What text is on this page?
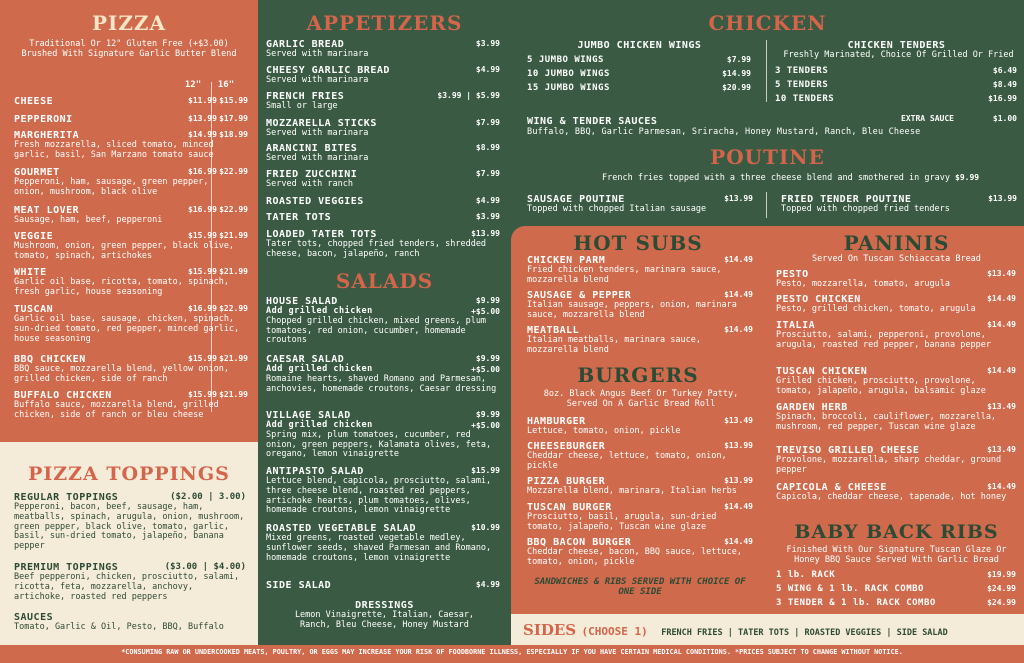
PIZZA
Traditional Or 12" Gluten Free (+$3.00)
Brushed With Signature Garlic Butter Blend
12" 16"
CHEESE	$11.99 $15.99
PEPPERONI	$13.99 $17.99
MARGHERITA	$14.99 $18.99
Fresh mozzarella, sliced tomato, minced garlic, basil, San Marzano tomato sauce
GOURMET	$16.99 $22.99
Pepperoni, ham, sausage, green pepper, onion, mushroom, black olive
MEAT LOVER	$16.99 $22.99
Sausage, ham, beef, pepperoni
VEGGIE	$15.99 $21.99
Mushroom, onion, green pepper, black olive, tomato, spinach, artichokes
WHITE	$15.99 $21.99
Garlic oil base, ricotta, tomato, spinach, fresh garlic, house seasoning
TUSCAN	$16.99 $22.99
Garlic oil base, sausage, chicken, spinach, sun-dried tomato, red pepper, minced garlic, house seasoning
BBQ CHICKEN	$15.99 $21.99
BBQ sauce, mozzarella blend, yellow onion, grilled chicken, side of ranch
BUFFALO CHICKEN	$15.99 $21.99
Buffalo sauce, mozzarella blend, grilled chicken, side of ranch or bleu cheese
PIZZA TOPPINGS
REGULAR TOPPINGS	($2.00 | 3.00)
Pepperoni, bacon, beef, sausage, ham, meatballs, spinach, arugula, onion, mushroom, green pepper, black olive, tomato, garlic, basil, sun-dried tomato, jalapeño, banana pepper
PREMIUM TOPPINGS	($3.00 | $4.00)
Beef pepperoni, chicken, prosciutto, salami, ricotta, feta, mozzarella, anchovy, artichoke, roasted red peppers
SAUCES
Tomato, Garlic & Oil, Pesto, BBQ, Buffalo
APPETIZERS
GARLIC BREAD	$3.99
Served with marinara
CHEESY GARLIC BREAD	$4.99
Served with marinara
FRENCH FRIES	$3.99 | $5.99
Small or large
MOZZARELLA STICKS	$7.99
Served with marinara
ARANCINI BITES	$8.99
Served with marinara
FRIED ZUCCHINI	$7.99
Served with ranch
ROASTED VEGGIES	$4.99
TATER TOTS	$3.99
LOADED TATER TOTS	$13.99
Tater tots, chopped fried tenders, shredded cheese, bacon, jalapeño, ranch
SALADS
HOUSE SALAD	$9.99
Add grilled chicken	+$5.00
Chopped grilled chicken, mixed greens, plum tomatoes, red onion, cucumber, homemade croutons
CAESAR SALAD	$9.99
Add grilled chicken	+$5.00
Romaine hearts, shaved Romano and Parmesan, anchovies, homemade croutons, Caesar dressing
VILLAGE SALAD	$9.99
Add grilled chicken	+$5.00
Spring mix, plum tomatoes, cucumber, red onion, green peppers, Kalamata olives, feta, oregano, lemon vinaigrette
ANTIPASTO SALAD	$15.99
Lettuce blend, capicola, prosciutto, salami, three cheese blend, roasted red peppers, artichoke hearts, plum tomatoes, olives, homemade croutons, lemon vinaigrette
ROASTED VEGETABLE SALAD	$10.99
Mixed greens, roasted vegetable medley, sunflower seeds, shaved Parmesan and Romano, homemade croutons, lemon vinaigrette
SIDE SALAD	$4.99
DRESSINGS
Lemon Vinaigrette, Italian, Caesar, Ranch, Bleu Cheese, Honey Mustard
CHICKEN
JUMBO CHICKEN WINGS
5 JUMBO WINGS	$7.99
10 JUMBO WINGS	$14.99
15 JUMBO WINGS	$20.99
CHICKEN TENDERS
Freshly Marinated, Choice Of Grilled Or Fried
3 TENDERS	$6.49
5 TENDERS	$8.49
10 TENDERS	$16.99
WING & TENDER SAUCES	EXTRA SAUCE	$1.00
Buffalo, BBQ, Garlic Parmesan, Sriracha, Honey Mustard, Ranch, Bleu Cheese
POUTINE
French fries topped with a three cheese blend and smothered in gravy $9.99
SAUSAGE POUTINE	$13.99
Topped with chopped Italian sausage
FRIED TENDER POUTINE	$13.99
Topped with chopped fried tenders
HOT SUBS
CHICKEN PARM	$14.49
Fried chicken tenders, marinara sauce, mozzarella blend
SAUSAGE & PEPPER	$14.49
Italian sausage, peppers, onion, marinara sauce, mozzarella blend
MEATBALL	$14.49
Italian meatballs, marinara sauce, mozzarella blend
BURGERS
8oz. Black Angus Beef Or Turkey Patty,
Served On A Garlic Bread Roll
HAMBURGER	$13.49
Lettuce, tomato, onion, pickle
CHEESEBURGER	$13.99
Cheddar cheese, lettuce, tomato, onion, pickle
PIZZA BURGER	$13.99
Mozzarella blend, marinara, Italian herbs
TUSCAN BURGER	$14.49
Prosciutto, basil, arugula, sun-dried tomato, jalapeño, Tuscan wine glaze
BBQ BACON BURGER	$14.49
Cheddar cheese, bacon, BBQ sauce, lettuce, tomato, onion, pickle
SANDWICHES & RIBS SERVED WITH CHOICE OF ONE SIDE
PANINIS
Served On Tuscan Schiaccata Bread
PESTO	$13.49
Pesto, mozzarella, tomato, arugula
PESTO CHICKEN	$14.49
Pesto, grilled chicken, tomato, arugula
ITALIA	$14.49
Prosciutto, salami, pepperoni, provolone, arugula, roasted red pepper, banana pepper
TUSCAN CHICKEN	$14.49
Grilled chicken, prosciutto, provolone, tomato, jalapeño, arugula, balsamic glaze
GARDEN HERB	$13.49
Spinach, broccoli, cauliflower, mozzarella, mushroom, red pepper, Tuscan wine glaze
TREVISO GRILLED CHEESE	$13.49
Provolone, mozzarella, sharp cheddar, ground pepper
CAPICOLA & CHEESE	$14.49
Capicola, cheddar cheese, tapenade, hot honey
BABY BACK RIBS
Finished With Our Signature Tuscan Glaze Or
Honey BBQ Sauce Served With Garlic Bread
1 lb. RACK	$19.99
5 WING & 1 lb. RACK COMBO	$24.99
3 TENDER & 1 lb. RACK COMBO	$24.99
SIDES (CHOOSE 1) FRENCH FRIES | TATER TOTS | ROASTED VEGGIES | SIDE SALAD
*CONSUMING RAW OR UNDERCOOKED MEATS, POULTRY, OR EGGS MAY INCREASE YOUR RISK OF FOODBORNE ILLNESS, ESPECIALLY IF YOU HAVE CERTAIN MEDICAL CONDITIONS. *PRICES SUBJECT TO CHANGE WITHOUT NOTICE.
